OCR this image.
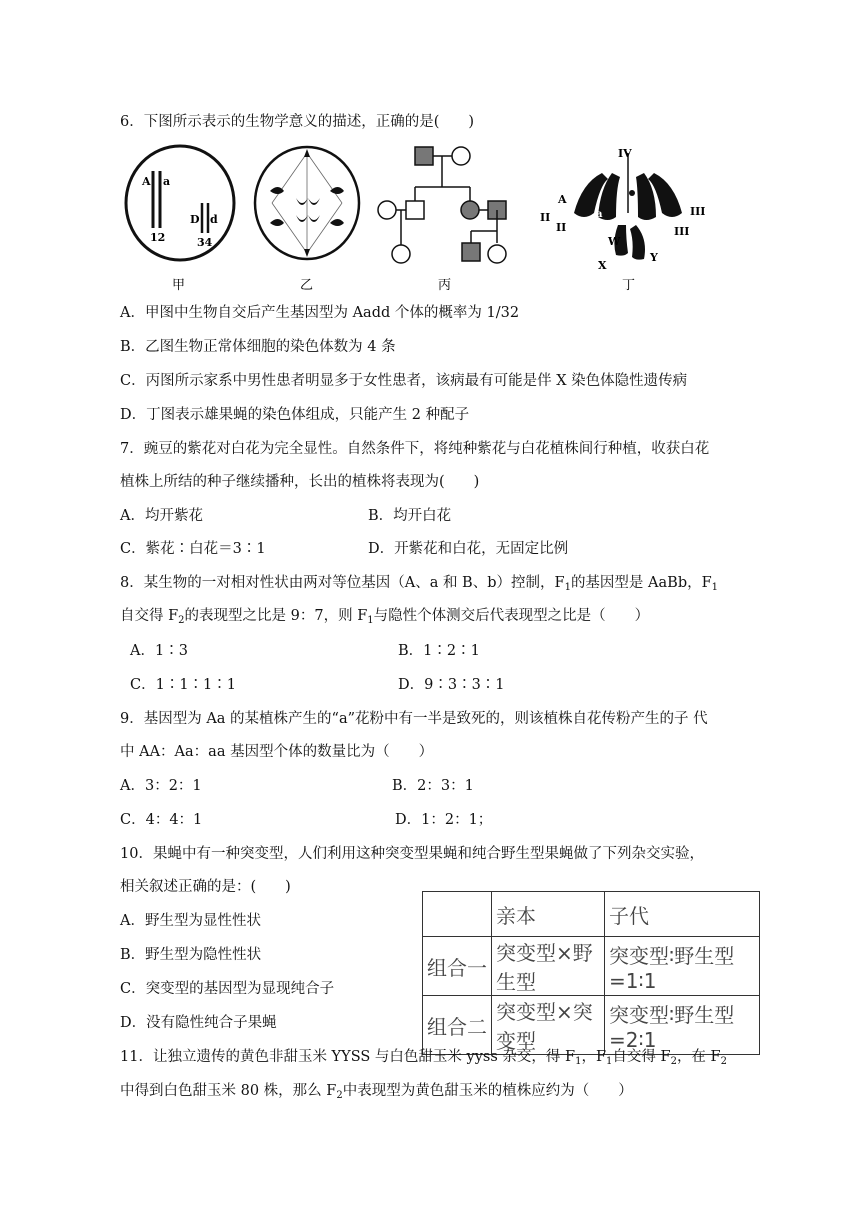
6．下图所示表示的生物学意义的描述，正确的是(　　)
A a
12
D d
34
IV
A
II
II
a	III
III
W
X
Y
甲	乙	丙	丁
A．甲图中生物自交后产生基因型为 Aadd 个体的概率为 1/32
B．乙图生物正常体细胞的染色体数为 4 条
C．丙图所示家系中男性患者明显多于女性患者，该病最有可能是伴 X 染色体隐性遗传病
D．丁图表示雄果蝇的染色体组成，只能产生 2 种配子
7．豌豆的紫花对白花为完全显性。自然条件下，将纯种紫花与白花植株间行种植，收获白花
植株上所结的种子继续播种，长出的植株将表现为(　　)
A．均开紫花	B．均开白花
C．紫花∶白花＝3∶1	D．开紫花和白花，无固定比例
8．某生物的一对相对性状由两对等位基因（A、a 和 B、b）控制，$F_1$的基因型是 AaBb，$F_1$
自交得 $F_2$的表现型之比是 9：7，则 $F_1$与隐性个体测交后代表现型之比是（　　）
A．1∶3	B．1∶2∶1
C．1∶1∶1∶1	D．9∶3∶3∶1
9．基因型为 Aa 的某植株产生的“a”花粉中有一半是致死的，则该植株自花传粉产生的子 代
中 AA：Aa：aa 基因型个体的数量比为（　　）
A．3：2：1	B．2：3：1
C．4：4：1	D．1：2：1；
10．果蝇中有一种突变型，人们利用这种突变型果蝇和纯合野生型果蝇做了下列杂交实验，
相关叙述正确的是：(　　)
A．野生型为显性性状
B．野生型为隐性性状
C．突变型的基因型为显现纯合子
D．没有隐性纯合子果蝇
	亲本	子代
组合一	突变型×野生型	突变型∶野生型=1∶1
组合二	突变型×突变型	突变型∶野生型=2∶1
11．让独立遗传的黄色非甜玉米 YYSS 与白色甜玉米 yyss 杂交，得 $F_1$，$F_1$自交得 $F_2$，在 $F_2$
中得到白色甜玉米 80 株，那么 $F_2$中表现型为黄色甜玉米的植株应约为（　　）
